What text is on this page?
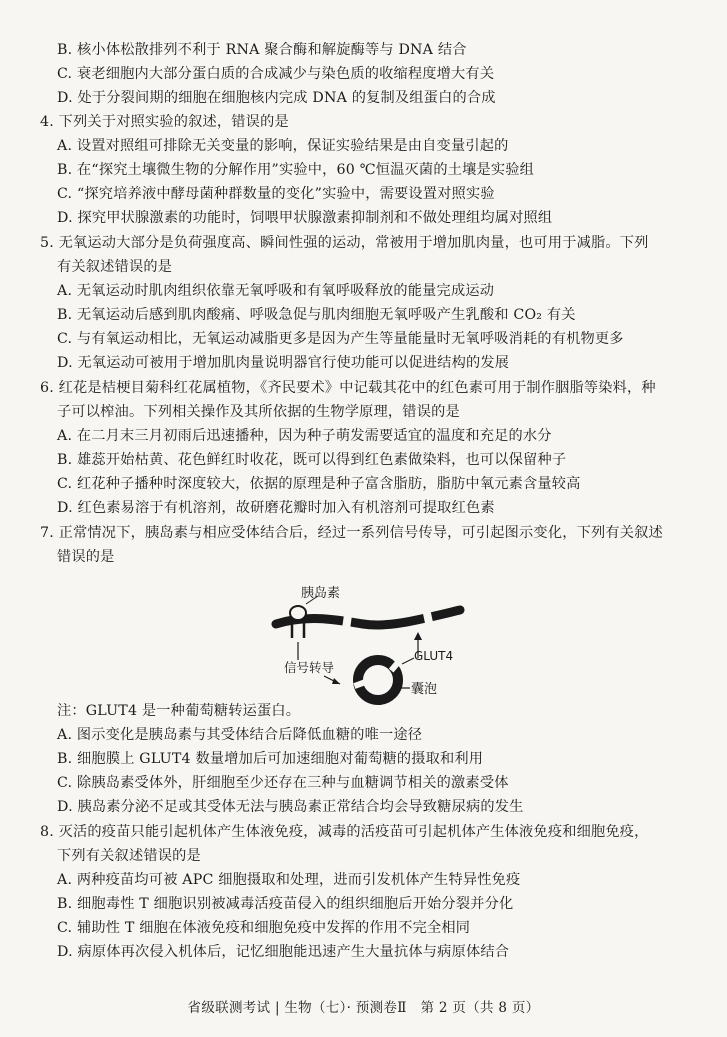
B. 核小体松散排列不利于 RNA 聚合酶和解旋酶等与 DNA 结合
C. 衰老细胞内大部分蛋白质的合成减少与染色质的收缩程度增大有关
D. 处于分裂间期的细胞在细胞核内完成 DNA 的复制及组蛋白的合成
4. 下列关于对照实验的叙述，错误的是
A. 设置对照组可排除无关变量的影响，保证实验结果是由自变量引起的
B. 在“探究土壤微生物的分解作用”实验中，60 ℃恒温灭菌的土壤是实验组
C. “探究培养液中酵母菌种群数量的变化”实验中，需要设置对照实验
D. 探究甲状腺激素的功能时，饲喂甲状腺激素抑制剂和不做处理组均属对照组
5. 无氧运动大部分是负荷强度高、瞬间性强的运动，常被用于增加肌肉量，也可用于减脂。下列
有关叙述错误的是
A. 无氧运动时肌肉组织依靠无氧呼吸和有氧呼吸释放的能量完成运动
B. 无氧运动后感到肌肉酸痛、呼吸急促与肌肉细胞无氧呼吸产生乳酸和 CO₂ 有关
C. 与有氧运动相比，无氧运动减脂更多是因为产生等量能量时无氧呼吸消耗的有机物更多
D. 无氧运动可被用于增加肌肉量说明器官行使功能可以促进结构的发展
6. 红花是桔梗目菊科红花属植物，《齐民要术》中记载其花中的红色素可用于制作胭脂等染料，种
子可以榨油。下列相关操作及其所依据的生物学原理，错误的是
A. 在二月末三月初雨后迅速播种，因为种子萌发需要适宜的温度和充足的水分
B. 雄蕊开始枯黄、花色鲜红时收花，既可以得到红色素做染料，也可以保留种子
C. 红花种子播种时深度较大，依据的原理是种子富含脂肪，脂肪中氧元素含量较高
D. 红色素易溶于有机溶剂，故研磨花瓣时加入有机溶剂可提取红色素
7. 正常情况下，胰岛素与相应受体结合后，经过一系列信号传导，可引起图示变化，下列有关叙述
错误的是
注：GLUT4 是一种葡萄糖转运蛋白。
A. 图示变化是胰岛素与其受体结合后降低血糖的唯一途径
B. 细胞膜上 GLUT4 数量增加后可加速细胞对葡萄糖的摄取和利用
C. 除胰岛素受体外，肝细胞至少还存在三种与血糖调节相关的激素受体
D. 胰岛素分泌不足或其受体无法与胰岛素正常结合均会导致糖尿病的发生
8. 灭活的疫苗只能引起机体产生体液免疫，减毒的活疫苗可引起机体产生体液免疫和细胞免疫，
下列有关叙述错误的是
A. 两种疫苗均可被 APC 细胞摄取和处理，进而引发机体产生特异性免疫
B. 细胞毒性 T 细胞识别被减毒活疫苗侵入的组织细胞后开始分裂并分化
C. 辅助性 T 细胞在体液免疫和细胞免疫中发挥的作用不完全相同
D. 病原体再次侵入机体后，记忆细胞能迅速产生大量抗体与病原体结合
胰岛素
信号转导
GLUT4
囊泡
省级联测考试 | 生物（七）· 预测卷Ⅱ　第 2 页（共 8 页）
